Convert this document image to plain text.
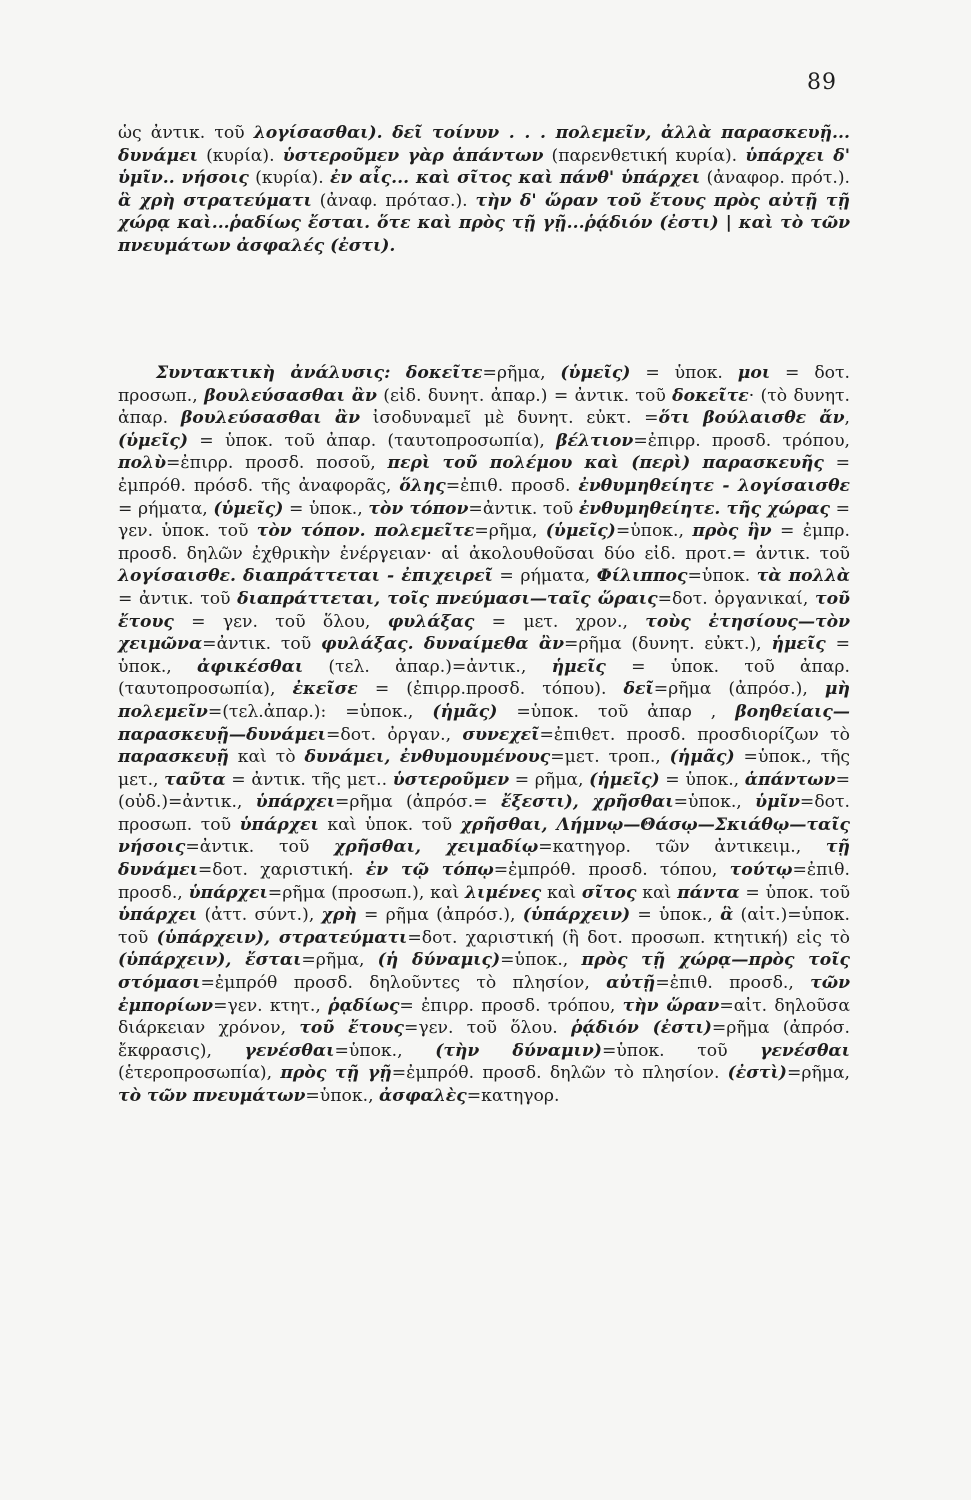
89

ὡς ἀντικ. τοῦ λογίσασθαι). δεῖ τοίνυν . . . πολεμεῖν, ἀλλὰ παρασκευῇ... δυνάμει (κυρία). ὑστεροῦμεν γὰρ ἁπάντων (παρενθετική κυρία). ὑπάρχει δ' ὑμῖν.. νήσοις (κυρία). ἐν αἷς... καὶ σῖτος καὶ πάνθ' ὑπάρχει (ἀναφορ. πρότ.). ἃ χρὴ στρατεύματι (ἀναφ. πρότασ.). τὴν δ' ὥραν τοῦ ἔτους πρὸς αὐτῇ τῇ χώρᾳ καὶ...ῥαδίως ἔσται. ὅτε καὶ πρὸς τῇ γῇ...ῥᾴδιόν (ἐστι) | καὶ τὸ τῶν πνευμάτων ἀσφαλές (ἐστι).

Συντακτικὴ ἀνάλυσις: δοκεῖτε=ρῆμα, (ὑμεῖς) = ὑποκ. μοι = δοτ. προσωπ., βουλεύσασθαι ἂν (εἰδ. δυνητ. ἀπαρ.) = ἀντικ. τοῦ δοκεῖτε· (τὸ δυνητ. ἀπαρ. βουλεύσασθαι ἂν ἰσοδυναμεῖ μὲ δυνητ. εὐκτ. =ὅτι βούλαισθε ἄν, (ὑμεῖς) = ὑποκ. τοῦ ἀπαρ. (ταυτοπροσωπία), βέλτιον=ἐπιρρ. προσδ. τρόπου, πολὺ=ἐπιρρ. προσδ. ποσοῦ, περὶ τοῦ πολέμου καὶ (περὶ) παρασκευῆς = ἐμπρόθ. πρόσδ. τῆς ἀναφορᾶς, ὅλης=ἐπιθ. προσδ. ἐνθυμηθείητε - λογίσαισθε = ρήματα, (ὑμεῖς) = ὑποκ., τὸν τόπον=ἀντικ. τοῦ ἐνθυμηθείητε. τῆς χώρας = γεν. ὑποκ. τοῦ τὸν τόπον. πολεμεῖτε=ρῆμα, (ὑμεῖς)=ὑποκ., πρὸς ἣν = ἐμπρ. προσδ. δηλῶν ἐχθρικὴν ἐνέργειαν· αἱ ἀκολουθοῦσαι δύο εἰδ. προτ.= ἀντικ. τοῦ λογίσαισθε. διαπράττεται - ἐπιχειρεῖ = ρήματα, Φίλιππος=ὑποκ. τὰ πολλὰ = ἀντικ. τοῦ διαπράττεται, τοῖς πνεύμασι—ταῖς ὥραις=δοτ. ὀργανικαί, τοῦ ἔτους = γεν. τοῦ ὅλου, φυλάξας = μετ. χρον., τοὺς ἐτησίους—τὸν χειμῶνα=ἀντικ. τοῦ φυλάξας. δυναίμεθα ἂν=ρῆμα (δυνητ. εὐκτ.), ἡμεῖς = ὑποκ., ἀφικέσθαι (τελ. ἀπαρ.)=ἀντικ., ἡμεῖς = ὑποκ. τοῦ ἀπαρ. (ταυτοπροσωπία), ἐκεῖσε = (ἐπιρρ.προσδ. τόπου). δεῖ=ρῆμα (ἀπρόσ.), μὴ πολεμεῖν=(τελ.ἀπαρ.): =ὑποκ., (ἡμᾶς) =ὑποκ. τοῦ ἀπαρ , βοηθείαις—παρασκευῇ—δυνάμει=δοτ. ὀργαν., συνεχεῖ=ἐπιθετ. προσδ. προσδιορίζων τὸ παρασκευῇ καὶ τὸ δυνάμει, ἐνθυμουμένους=μετ. τροπ., (ἡμᾶς) =ὑποκ., τῆς μετ., ταῦτα = ἀντικ. τῆς μετ.. ὑστεροῦμεν = ρῆμα, (ἡμεῖς) = ὑποκ., ἁπάντων=(οὐδ.)=ἀντικ., ὑπάρχει=ρῆμα (ἀπρόσ.= ἔξεστι), χρῆσθαι=ὑποκ., ὑμῖν=δοτ. προσωπ. τοῦ ὑπάρχει καὶ ὑποκ. τοῦ χρῆσθαι, Λήμνῳ—Θάσῳ—Σκιάθῳ—ταῖς νήσοις=ἀντικ. τοῦ χρῆσθαι, χειμαδίῳ=κατηγορ. τῶν ἀντικειμ., τῇ δυνάμει=δοτ. χαριστική. ἐν τῷ τόπῳ=ἐμπρόθ. προσδ. τόπου, τούτῳ=ἐπιθ. προσδ., ὑπάρχει=ρῆμα (προσωπ.), καὶ λιμένες καὶ σῖτος καὶ πάντα = ὑποκ. τοῦ ὑπάρχει (ἀττ. σύντ.), χρὴ = ρῆμα (ἀπρόσ.), (ὑπάρχειν) = ὑποκ., ἃ (αἰτ.)=ὑποκ. τοῦ (ὑπάρχειν), στρατεύματι=δοτ. χαριστική (ἢ δοτ. προσωπ. κτητική) εἰς τὸ (ὑπάρχειν), ἔσται=ρῆμα, (ἡ δύναμις)=ὑποκ., πρὸς τῇ χώρᾳ—πρὸς τοῖς στόμασι=ἐμπρόθ προσδ. δηλοῦντες τὸ πλησίον, αὐτῇ=ἐπιθ. προσδ., τῶν ἐμπορίων=γεν. κτητ., ῥᾳδίως= ἐπιρρ. προσδ. τρόπου, τὴν ὥραν=αἰτ. δηλοῦσα διάρκειαν χρόνον, τοῦ ἔτους=γεν. τοῦ ὅλου. ῥᾴδιόν (ἐστι)=ρῆμα (ἀπρόσ. ἔκφρασις), γενέσθαι=ὑποκ., (τὴν δύναμιν)=ὑποκ. τοῦ γενέσθαι (ἑτεροπροσωπία), πρὸς τῇ γῇ=ἐμπρόθ. προσδ. δηλῶν τὸ πλησίον. (ἐστὶ)=ρῆμα, τὸ τῶν πνευμάτων=ὑποκ., ἀσφαλὲς=κατηγορ.
